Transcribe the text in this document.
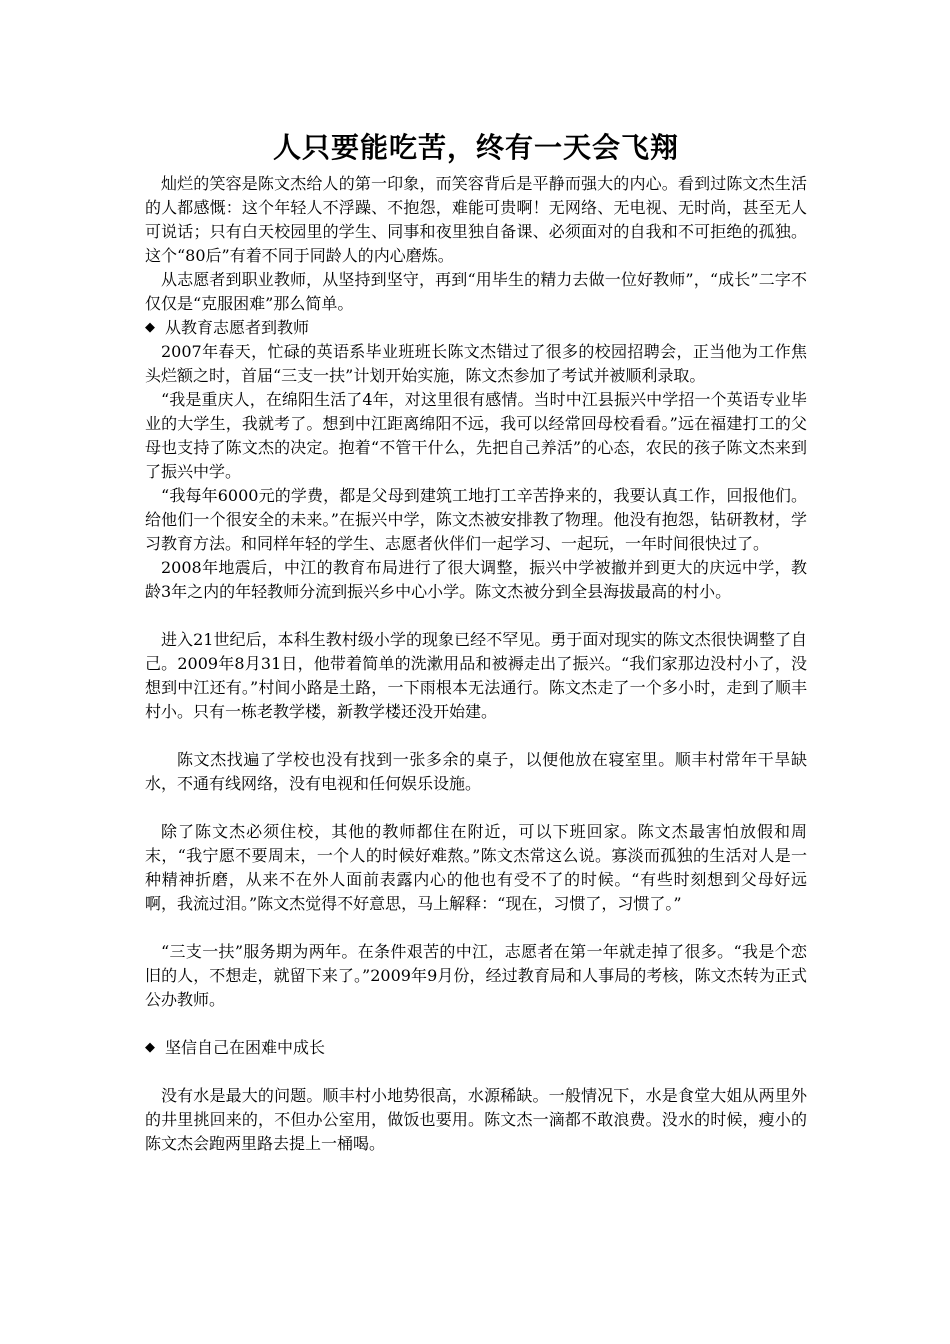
人只要能吃苦，终有一天会飞翔

灿烂的笑容是陈文杰给人的第一印象，而笑容背后是平静而强大的内心。看到过陈文杰生活的人都感慨：这个年轻人不浮躁、不抱怨，难能可贵啊！无网络、无电视、无时尚，甚至无人可说话；只有白天校园里的学生、同事和夜里独自备课、必须面对的自我和不可拒绝的孤独。这个“80后”有着不同于同龄人的内心磨炼。

从志愿者到职业教师，从坚持到坚守，再到“用毕生的精力去做一位好教师”，“成长”二字不仅仅是“克服困难”那么简单。

◆ 从教育志愿者到教师

2007年春天，忙碌的英语系毕业班班长陈文杰错过了很多的校园招聘会，正当他为工作焦头烂额之时，首届“三支一扶”计划开始实施，陈文杰参加了考试并被顺利录取。

“我是重庆人，在绵阳生活了4年，对这里很有感情。当时中江县振兴中学招一个英语专业毕业的大学生，我就考了。想到中江距离绵阳不远，我可以经常回母校看看。”远在福建打工的父母也支持了陈文杰的决定。抱着“不管干什么，先把自己养活”的心态，农民的孩子陈文杰来到了振兴中学。

“我每年6000元的学费，都是父母到建筑工地打工辛苦挣来的，我要认真工作，回报他们。给他们一个很安全的未来。”在振兴中学，陈文杰被安排教了物理。他没有抱怨，钻研教材，学习教育方法。和同样年轻的学生、志愿者伙伴们一起学习、一起玩，一年时间很快过了。

2008年地震后，中江的教育布局进行了很大调整，振兴中学被撤并到更大的庆远中学，教龄3年之内的年轻教师分流到振兴乡中心小学。陈文杰被分到全县海拔最高的村小。

进入21世纪后，本科生教村级小学的现象已经不罕见。勇于面对现实的陈文杰很快调整了自己。2009年8月31日，他带着简单的洗漱用品和被褥走出了振兴。“我们家那边没村小了，没想到中江还有。”村间小路是土路，一下雨根本无法通行。陈文杰走了一个多小时，走到了顺丰村小。只有一栋老教学楼，新教学楼还没开始建。

陈文杰找遍了学校也没有找到一张多余的桌子，以便他放在寝室里。顺丰村常年干旱缺水，不通有线网络，没有电视和任何娱乐设施。

除了陈文杰必须住校，其他的教师都住在附近，可以下班回家。陈文杰最害怕放假和周末，“我宁愿不要周末，一个人的时候好难熬。”陈文杰常这么说。寡淡而孤独的生活对人是一种精神折磨，从来不在外人面前表露内心的他也有受不了的时候。“有些时刻想到父母好远啊，我流过泪。”陈文杰觉得不好意思，马上解释：“现在，习惯了，习惯了。”

“三支一扶”服务期为两年。在条件艰苦的中江，志愿者在第一年就走掉了很多。“我是个恋旧的人，不想走，就留下来了。”2009年9月份，经过教育局和人事局的考核，陈文杰转为正式公办教师。

◆ 坚信自己在困难中成长

没有水是最大的问题。顺丰村小地势很高，水源稀缺。一般情况下，水是食堂大姐从两里外的井里挑回来的，不但办公室用，做饭也要用。陈文杰一滴都不敢浪费。没水的时候，瘦小的陈文杰会跑两里路去提上一桶喝。
